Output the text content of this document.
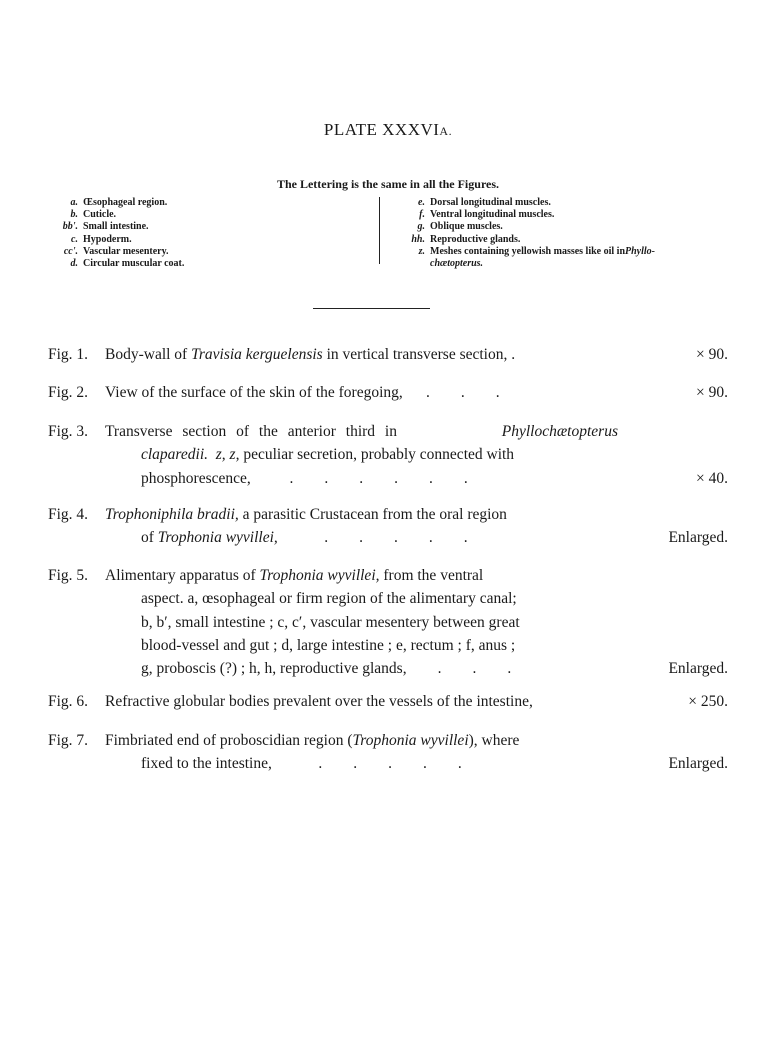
PLATE XXXVIA.
The Lettering is the same in all the Figures.
a. Œsophageal region.
b. Cuticle.
bb'. Small intestine.
c. Hypoderm.
cc'. Vascular mesentery.
d. Circular muscular coat.
e. Dorsal longitudinal muscles.
f. Ventral longitudinal muscles.
g. Oblique muscles.
hh. Reproductive glands.
z. Meshes containing yellowish masses like oil in Phyllo-
chætopterus.
Fig. 1. Body-wall of Travisia kerguelensis in vertical transverse section, .	× 90.
Fig. 2. View of the surface of the skin of the foregoing, .        .        .	× 90.
Fig. 3. Transverse section of the anterior third in	Phyllochætopterus
claparedii. z, z, peculiar secretion, probably connected with
phosphorescence,	.        .        .        .        .        .	× 40.
Fig. 4. Trophoniphila bradii, a parasitic Crustacean from the oral region
of Trophonia wyvillei,	.        .        .        .        .	Enlarged.
Fig. 5. Alimentary apparatus of Trophonia wyvillei, from the ventral
aspect. a, œsophageal or firm region of the alimentary canal;
b, b′, small intestine ; c, c′, vascular mesentery between great
blood-vessel and gut ; d, large intestine ; e, rectum ; f, anus ;
g, proboscis (?) ; h, h, reproductive glands, .        .        .	Enlarged.
Fig. 6. Refractive globular bodies prevalent over the vessels of the intestine,	× 250.
Fig. 7. Fimbriated end of proboscidian region (Trophonia wyvillei), where
fixed to the intestine,	.        .        .        .        .	Enlarged.
